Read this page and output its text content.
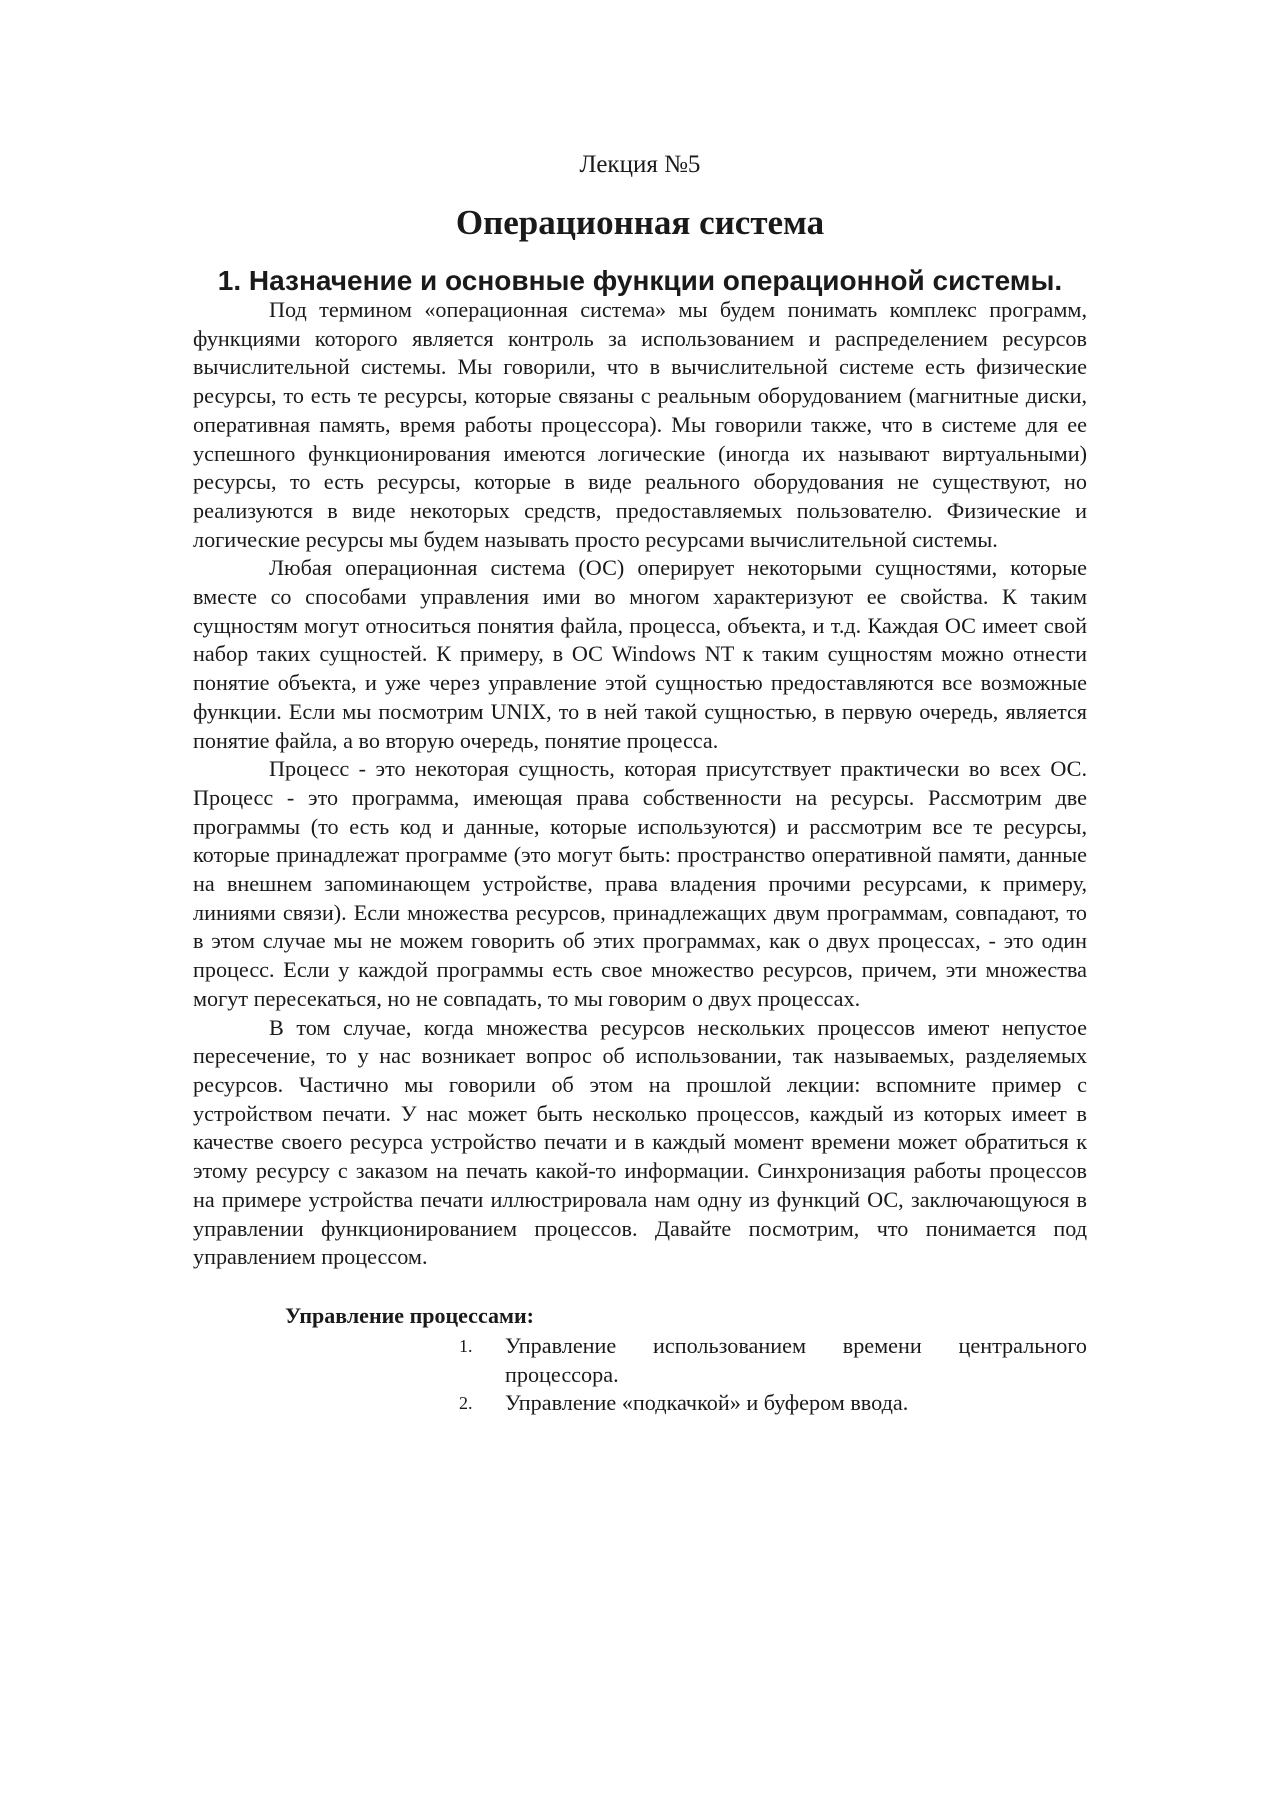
Лекция №5

Операционная система
1. Назначение и основные функции операционной системы.

Под термином «операционная система» мы будем понимать комплекс программ, функциями которого является контроль за использованием и распределением ресурсов вычислительной системы. Мы говорили, что в вычислительной системе есть физические ресурсы, то есть те ресурсы, которые связаны с реальным оборудованием (магнитные диски, оперативная память, время работы процессора). Мы говорили также, что в системе для ее успешного функционирования имеются логические (иногда их называют виртуальными) ресурсы, то есть ресурсы, которые в виде реального оборудования не существуют, но реализуются в виде некоторых средств, предоставляемых пользователю. Физические и логические ресурсы мы будем называть просто ресурсами вычислительной системы.

Любая операционная система (ОС) оперирует некоторыми сущностями, которые вместе со способами управления ими во многом характеризуют ее свойства. К таким сущностям могут относиться понятия файла, процесса, объекта, и т.д. Каждая ОС имеет свой набор таких сущностей. К примеру, в ОС Windows NT к таким сущностям можно отнести понятие объекта, и уже через управление этой сущностью предоставляются все возможные функции. Если мы посмотрим UNIX, то в ней такой сущностью, в первую очередь, является понятие файла, а во вторую очередь, понятие процесса.

Процесс - это некоторая сущность, которая присутствует практически во всех ОС. Процесс - это программа, имеющая права собственности на ресурсы. Рассмотрим две программы (то есть код и данные, которые используются) и рассмотрим все те ресурсы, которые принадлежат программе (это могут быть: пространство оперативной памяти, данные на внешнем запоминающем устройстве, права владения прочими ресурсами, к примеру, линиями связи). Если множества ресурсов, принадлежащих двум программам, совпадают, то в этом случае мы не можем говорить об этих программах, как о двух процессах, - это один процесс. Если у каждой программы есть свое множество ресурсов, причем, эти множества могут пересекаться, но не совпадать, то мы говорим о двух процессах.

В том случае, когда множества ресурсов нескольких процессов имеют непустое пересечение, то у нас возникает вопрос об использовании, так называемых, разделяемых ресурсов. Частично мы говорили об этом на прошлой лекции: вспомните пример с устройством печати. У нас может быть несколько процессов, каждый из которых имеет в качестве своего ресурса устройство печати и в каждый момент времени может обратиться к этому ресурсу с заказом на печать какой-то информации. Синхронизация работы процессов на примере устройства печати иллюстрировала нам одну из функций ОС, заключающуюся в управлении функционированием процессов. Давайте посмотрим, что понимается под управлением процессом.

Управление процессами:
1. Управление использованием времени центрального процессора.
2. Управление «подкачкой» и буфером ввода.
